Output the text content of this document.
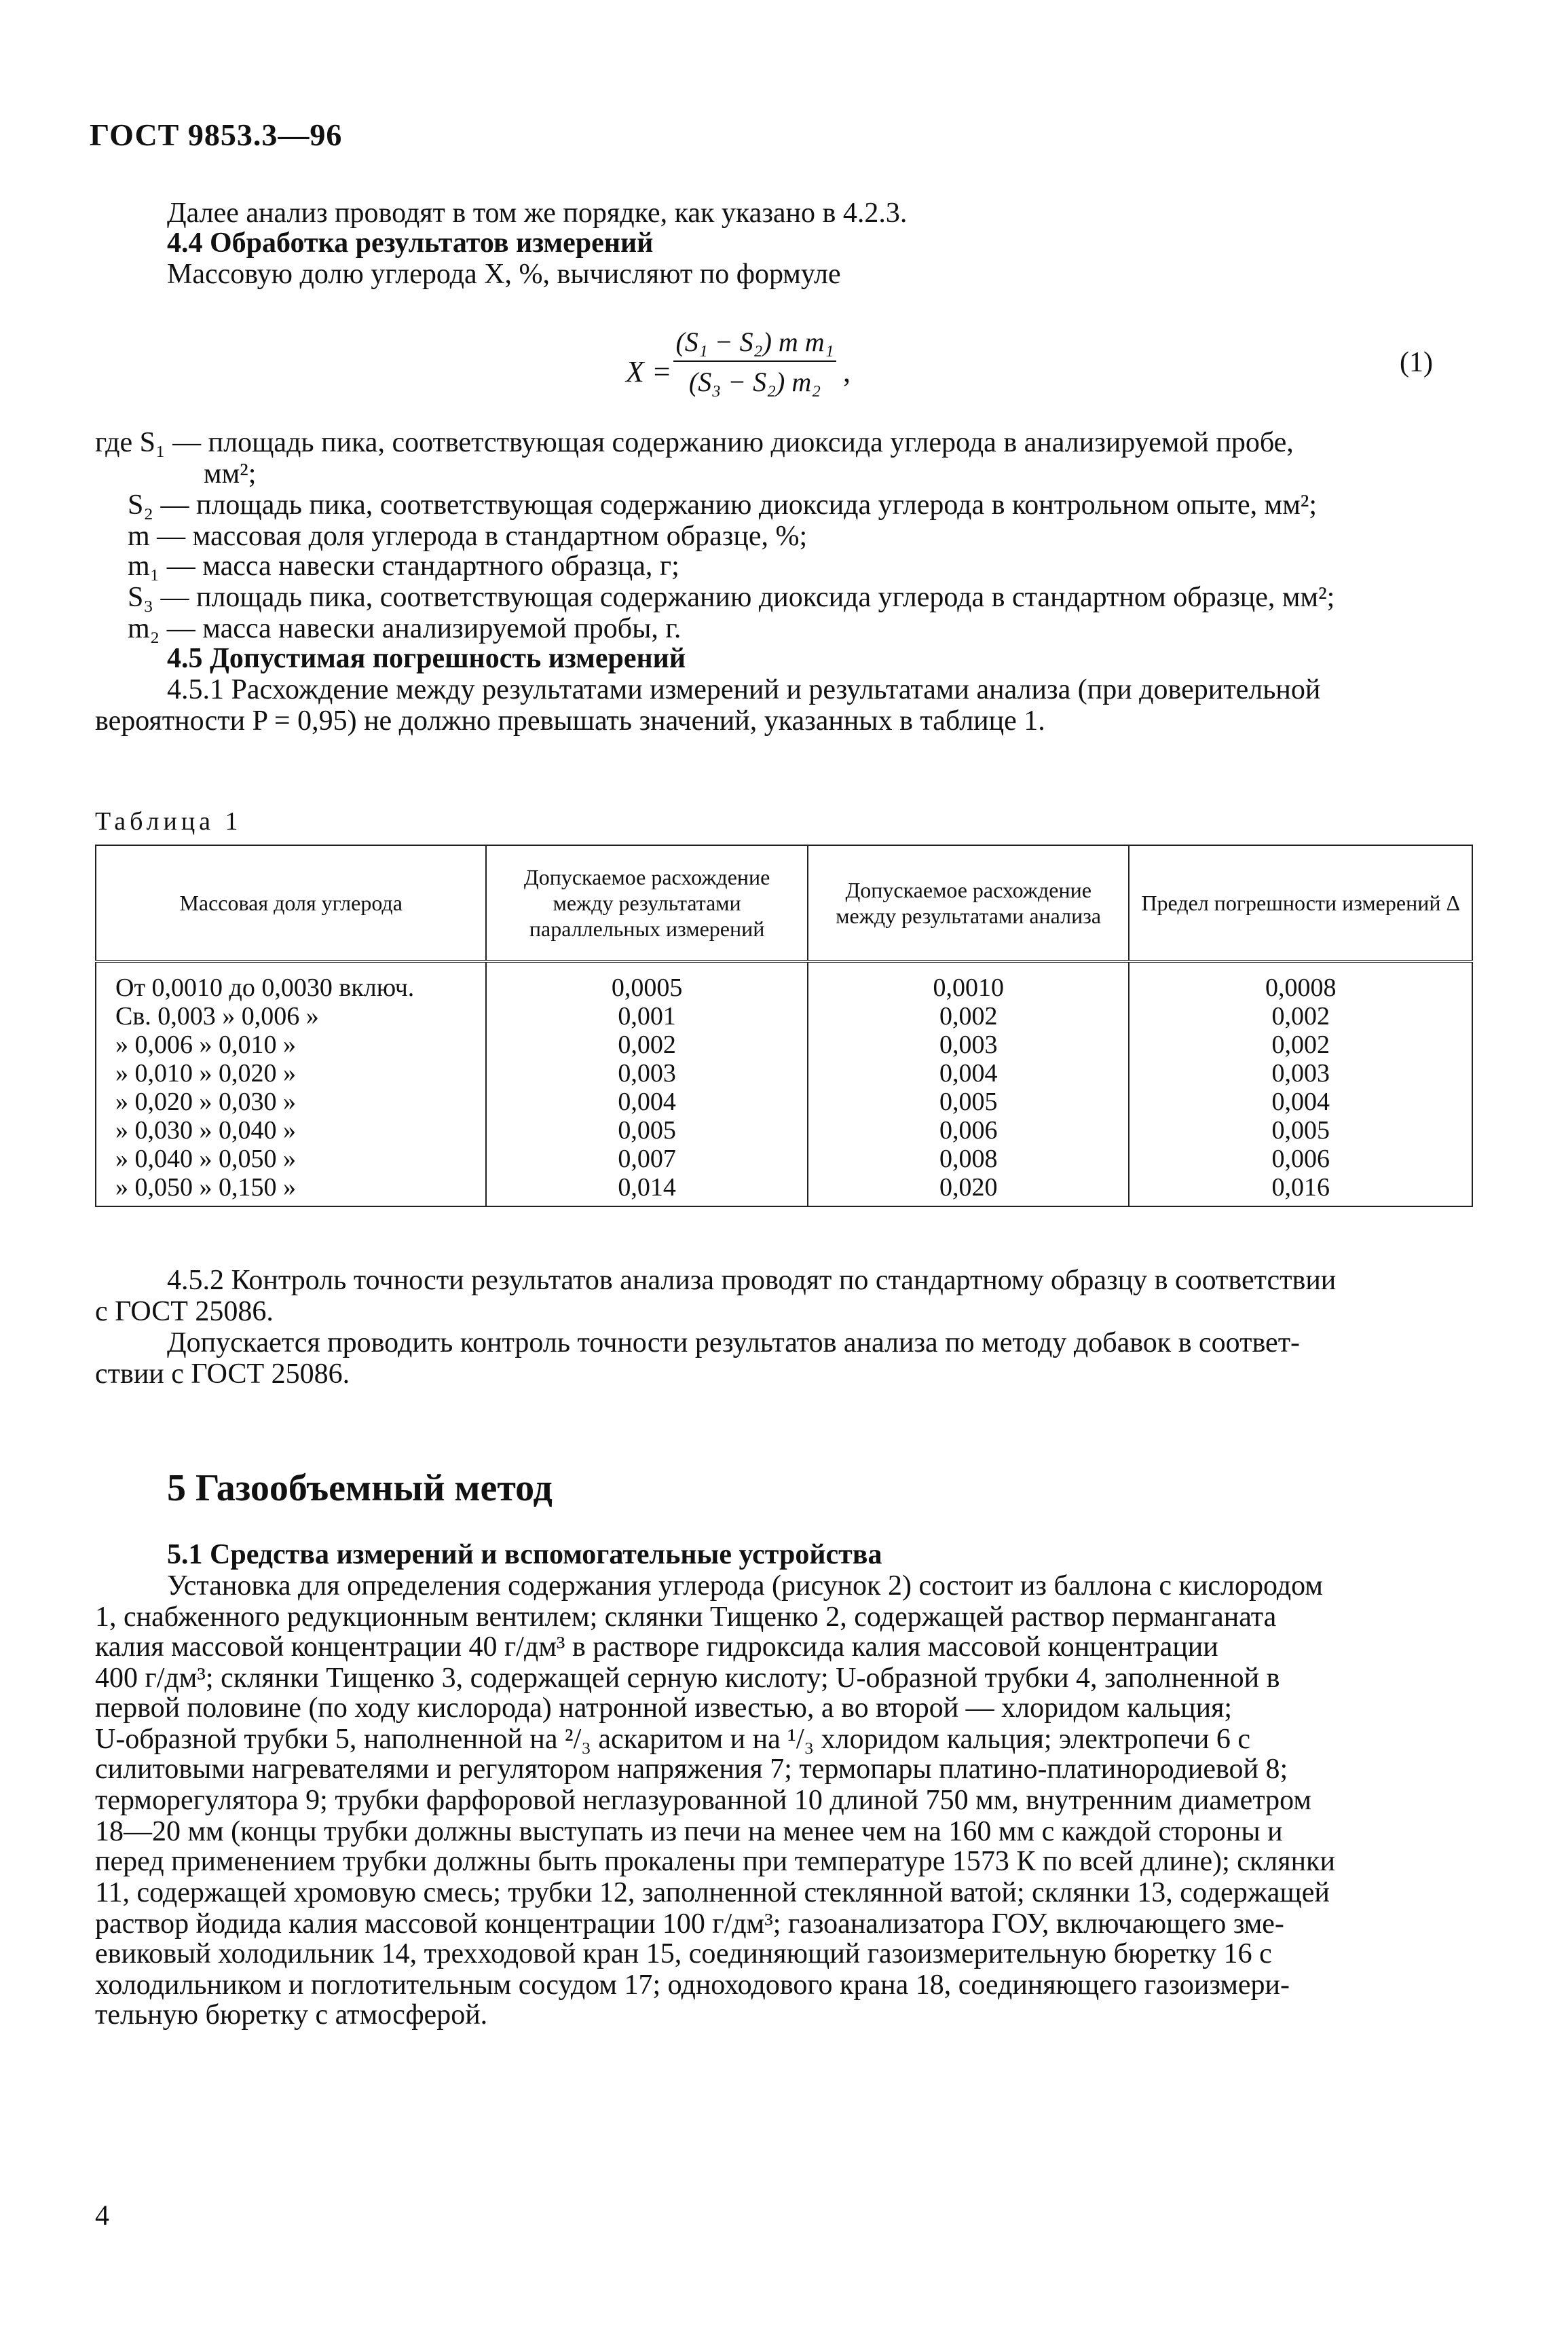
ГОСТ 9853.3—96
Далее анализ проводят в том же порядке, как указано в 4.2.3.
4.4 Обработка результатов измерений
Массовую долю углерода X, %, вычисляют по формуле
$X = \frac{\text{(S₁ − S₂) m m₁}}{\text{(S₃ − S₂) m₂}}$ ,	(1)
где S₁ — площадь пика, соответствующая содержанию диоксида углерода в анализируемой пробе,
мм²;
S₂ — площадь пика, соответствующая содержанию диоксида углерода в контрольном опыте, мм²;
m — массовая доля углерода в стандартном образце, %;
m₁ — масса навески стандартного образца, г;
S₃ — площадь пика, соответствующая содержанию диоксида углерода в стандартном образце, мм²;
m₂ — масса навески анализируемой пробы, г.
4.5 Допустимая погрешность измерений
4.5.1 Расхождение между результатами измерений и результатами анализа (при доверительной
вероятности P = 0,95) не должно превышать значений, указанных в таблице 1.
Таблица 1
Массовая доля углерода	Допускаемое расхождение между результатами параллельных измерений	Допускаемое расхождение между результатами анализа	Предел погрешности измерений Δ
От 0,0010 до 0,0030 включ.	0,0005	0,0010	0,0008
Св. 0,003 » 0,006 »	0,001	0,002	0,002
» 0,006 » 0,010 »	0,002	0,003	0,002
» 0,010 » 0,020 »	0,003	0,004	0,003
» 0,020 » 0,030 »	0,004	0,005	0,004
» 0,030 » 0,040 »	0,005	0,006	0,005
» 0,040 » 0,050 »	0,007	0,008	0,006
» 0,050 » 0,150 »	0,014	0,020	0,016
4.5.2 Контроль точности результатов анализа проводят по стандартному образцу в соответствии
с ГОСТ 25086.
Допускается проводить контроль точности результатов анализа по методу добавок в соответ-
ствии с ГОСТ 25086.
5 Газообъемный метод
5.1 Средства измерений и вспомогательные устройства
Установка для определения содержания углерода (рисунок 2) состоит из баллона с кислородом
1, снабженного редукционным вентилем; склянки Тищенко 2, содержащей раствор перманганата
калия массовой концентрации 40 г/дм³ в растворе гидроксида калия массовой концентрации
400 г/дм³; склянки Тищенко 3, содержащей серную кислоту; U-образной трубки 4, заполненной в
первой половине (по ходу кислорода) натронной известью, а во второй — хлоридом кальция;
U-образной трубки 5, наполненной на ²/₃ аскаритом и на ¹/₃ хлоридом кальция; электропечи 6 с
силитовыми нагревателями и регулятором напряжения 7; термопары платино-платинородиевой 8;
терморегулятора 9; трубки фарфоровой неглазурованной 10 длиной 750 мм, внутренним диаметром
18—20 мм (концы трубки должны выступать из печи на менее чем на 160 мм с каждой стороны и
перед применением трубки должны быть прокалены при температуре 1573 К по всей длине); склянки
11, содержащей хромовую смесь; трубки 12, заполненной стеклянной ватой; склянки 13, содержащей
раствор йодида калия массовой концентрации 100 г/дм³; газоанализатора ГОУ, включающего зме-
евиковый холодильник 14, трехходовой кран 15, соединяющий газоизмерительную бюретку 16 с
холодильником и поглотительным сосудом 17; одноходового крана 18, соединяющего газоизмери-
тельную бюретку с атмосферой.
4
